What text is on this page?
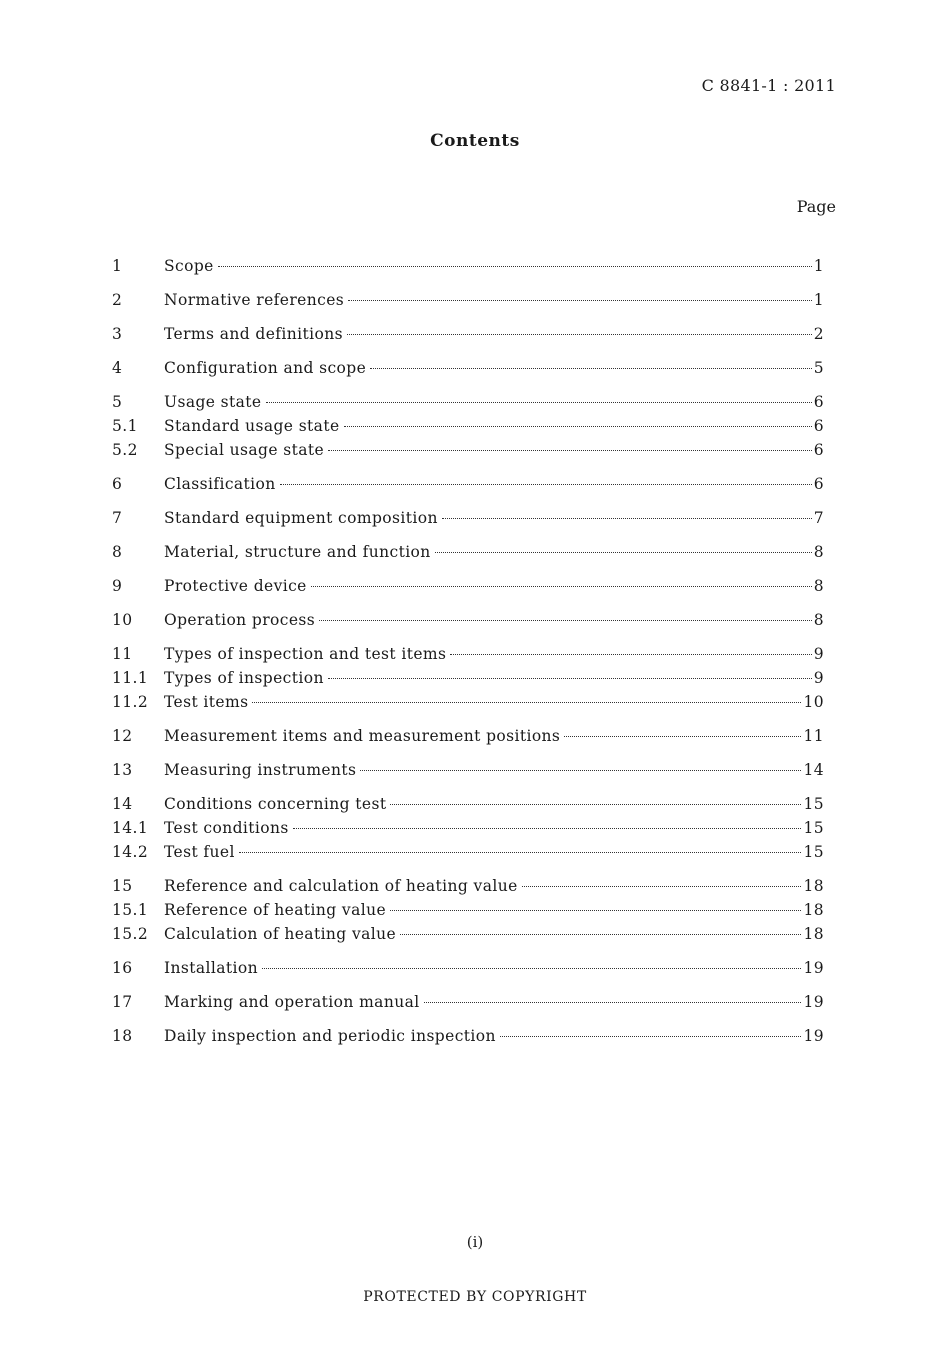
C 8841-1 : 2011
Contents
Page
1	Scope	1
2	Normative references	1
3	Terms and definitions	2
4	Configuration and scope	5
5	Usage state	6
5.1	Standard usage state	6
5.2	Special usage state	6
6	Classification	6
7	Standard equipment composition	7
8	Material, structure and function	8
9	Protective device	8
10	Operation process	8
11	Types of inspection and test items	9
11.1	Types of inspection	9
11.2	Test items	10
12	Measurement items and measurement positions	11
13	Measuring instruments	14
14	Conditions concerning test	15
14.1	Test conditions	15
14.2	Test fuel	15
15	Reference and calculation of heating value	18
15.1	Reference of heating value	18
15.2	Calculation of heating value	18
16	Installation	19
17	Marking and operation manual	19
18	Daily inspection and periodic inspection	19
(i)
PROTECTED BY COPYRIGHT
